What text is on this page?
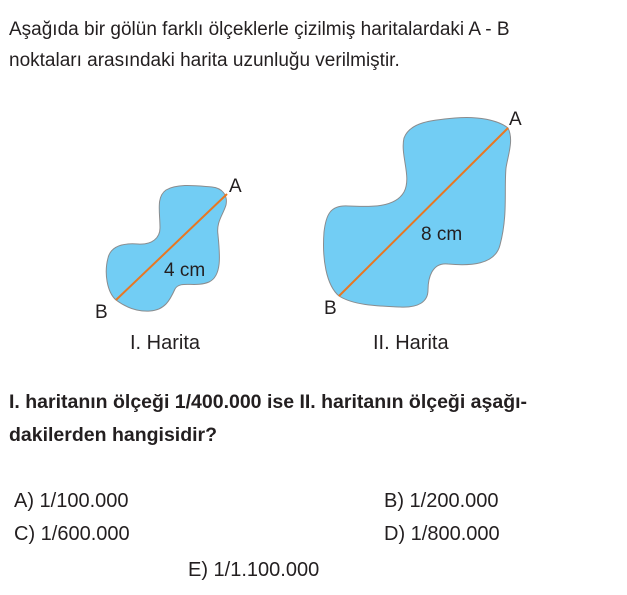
Aşağıda bir gölün farklı ölçeklerle çizilmiş haritalardaki A - B
noktaları arasındaki harita uzunluğu verilmiştir.
A
B
4 cm
A
B
8 cm
I. Harita	II. Harita
I. haritanın ölçeği 1/400.000 ise II. haritanın ölçeği aşağı-
dakilerden hangisidir?
A) 1/100.000	B) 1/200.000
C) 1/600.000	D) 1/800.000
E) 1/1.100.000
